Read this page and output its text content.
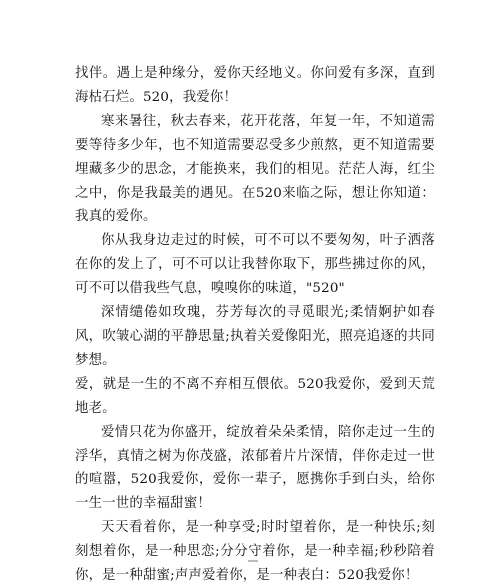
找伴。遇上是种缘分，爱你天经地义。你问爱有多深，直到海枯石烂。520，我爱你！

寒来暑往，秋去春来，花开花落，年复一年，不知道需要等待多少年，也不知道需要忍受多少煎熬，更不知道需要埋藏多少的思念，才能换来，我们的相见。茫茫人海，红尘之中，你是我最美的遇见。在520来临之际，想让你知道：我真的爱你。

你从我身边走过的时候，可不可以不要匆匆，叶子洒落在你的发上了，可不可以让我替你取下，那些拂过你的风，可不可以借我些气息，嗅嗅你的味道，"520"

深情缱倦如玫瑰，芬芳每次的寻觅眼光;柔情婀护如春风，吹皱心湖的平静思量;执着关爱像阳光，照亮追逐的共同梦想。

爱，就是一生的不离不弃相互偎依。520我爱你，爱到天荒地老。

爱情只花为你盛开，绽放着朵朵柔情，陪你走过一生的浮华，真情之树为你茂盛，浓郁着片片深情，伴你走过一世的喧嚣，520我爱你，爱你一辈子，愿携你手到白头，给你一生一世的幸福甜蜜！

天天看着你，是一种享受;时时望着你，是一种快乐;刻刻想着你，是一种思恋;分分守着你，是一种幸福;秒秒陪着你，是一种甜蜜;声声爱着你，是一种表白：520我爱你！
